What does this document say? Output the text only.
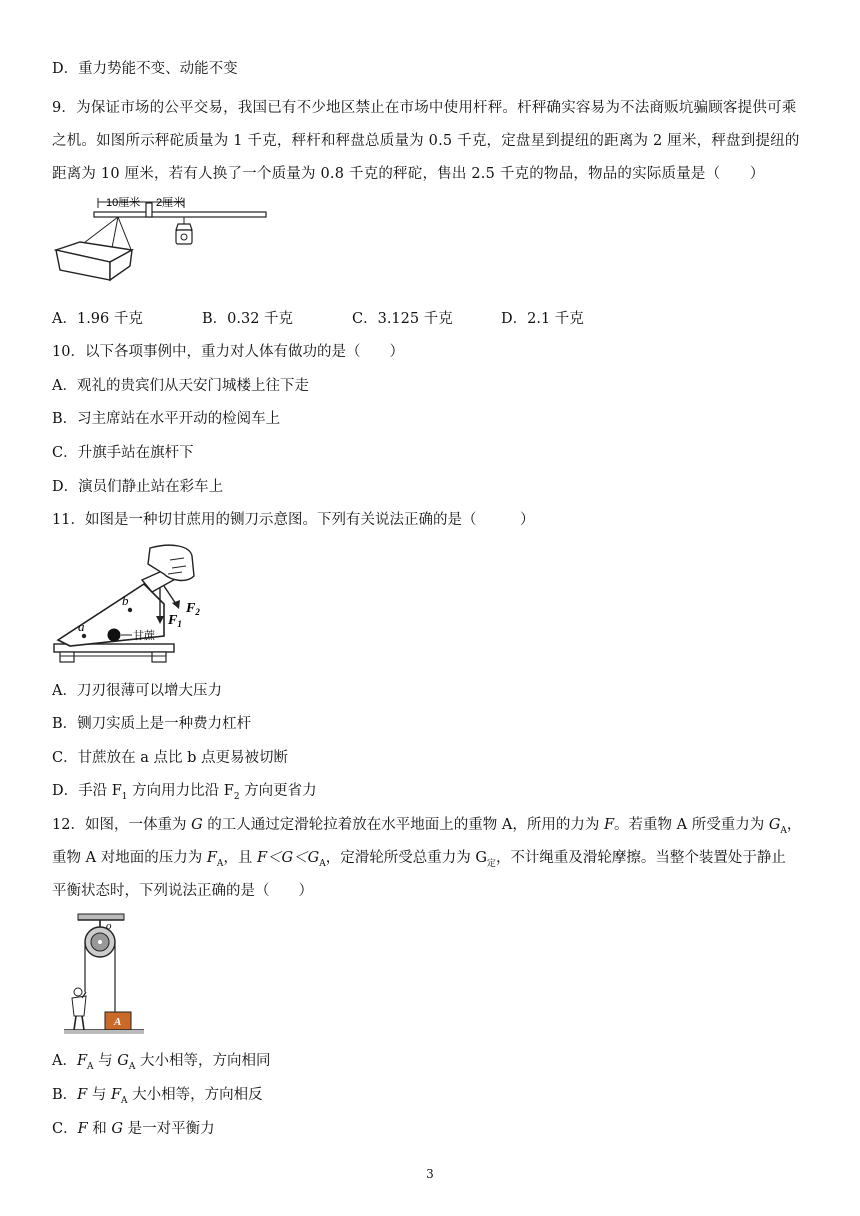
D．重力势能不变、动能不变
9．为保证市场的公平交易，我国已有不少地区禁止在市场中使用杆秤。杆秤确实容易为不法商贩坑骗顾客提供可乘之机。如图所示秤砣质量为 1 千克，秤杆和秤盘总质量为 0.5 千克，定盘星到提纽的距离为 2 厘米，秤盘到提纽的距离为 10 厘米，若有人换了一个质量为 0.8 千克的秤砣，售出 2.5 千克的物品，物品的实际质量是（　　）
10厘米 2厘米
A．1.96 千克	B．0.32 千克	C．3.125 千克	D．2.1 千克
10．以下各项事例中，重力对人体有做功的是（　　）
A．观礼的贵宾们从天安门城楼上往下走
B．习主席站在水平开动的检阅车上
C．升旗手站在旗杆下
D．演员们静止站在彩车上
11．如图是一种切甘蔗用的铡刀示意图。下列有关说法正确的是（　　　）
$F_1$
$F_2$
b
a
甘蔗
A．刀刃很薄可以增大压力
B．铡刀实质上是一种费力杠杆
C．甘蔗放在 a 点比 b 点更易被切断
D．手沿 $F_1$ 方向用力比沿 $F_2$ 方向更省力
12．如图，一体重为 G 的工人通过定滑轮拉着放在水平地面上的重物 A，所用的力为 F。若重物 A 所受重力为 $G_A$，
重物 A 对地面的压力为 $F_A$，且 $F<G<G_A$，定滑轮所受总重力为 $G_定$，不计绳重及滑轮摩擦。当整个装置处于静止
平衡状态时，下列说法正确的是（　　）
o
A
A．$F_A$ 与 $G_A$ 大小相等，方向相同
B．F 与 $F_A$ 大小相等，方向相反
C．F 和 G 是一对平衡力
3
